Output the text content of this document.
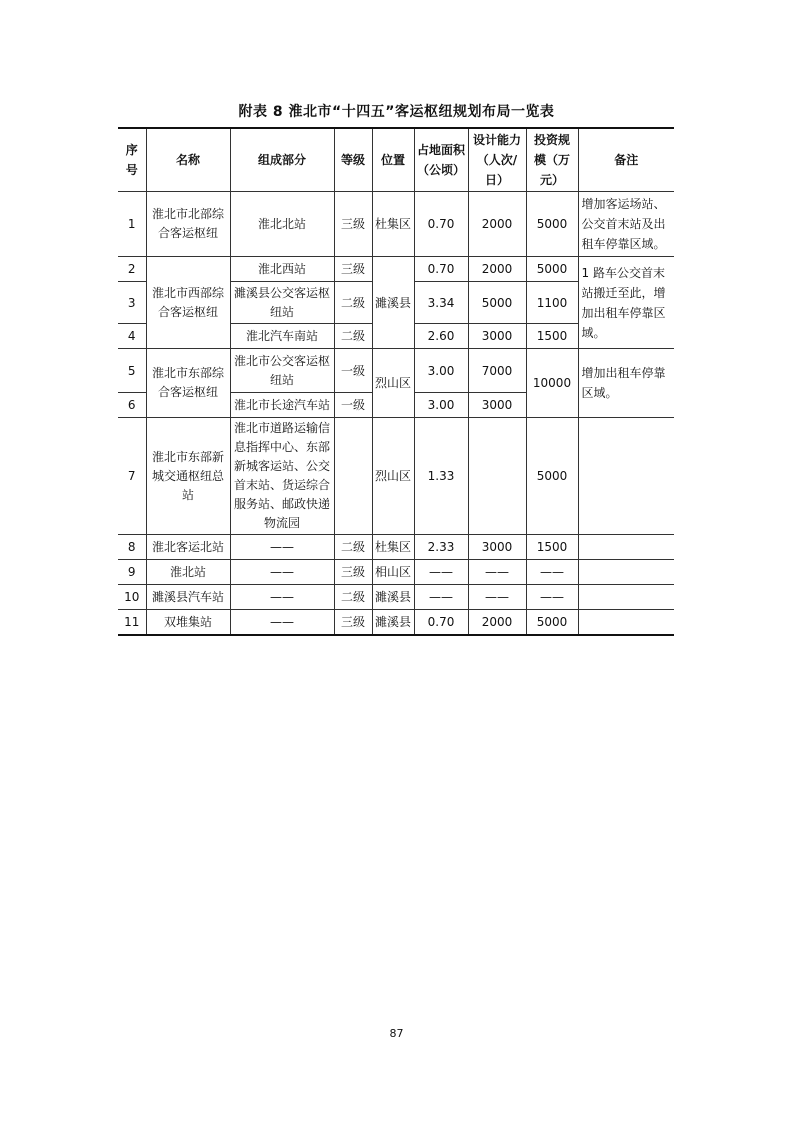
附表 8 淮北市“十四五”客运枢纽规划布局一览表
序号	名称	组成部分	等级	位置	占地面积（公顷）	设计能力（人次/日）	投资规模（万元）	备注
1	淮北市北部综合客运枢纽	淮北北站	三级	杜集区	0.70	2000	5000	增加客运场站、公交首末站及出租车停靠区域。
2	淮北市西部综合客运枢纽	淮北西站	三级	濉溪县	0.70	2000	5000	1 路车公交首末站搬迁至此，增加出租车停靠区域。
3		濉溪县公交客运枢纽站	二级		3.34	5000	1100	
4		淮北汽车南站	二级		2.60	3000	1500	
5	淮北市东部综合客运枢纽	淮北市公交客运枢纽站	一级	烈山区	3.00	7000	10000	增加出租车停靠区域。
6		淮北市长途汽车站	一级		3.00	3000		
7	淮北市东部新城交通枢纽总站	淮北市道路运输信息指挥中心、东部新城客运站、公交首末站、货运综合服务站、邮政快递物流园		烈山区	1.33		5000	
8	淮北客运北站	——	二级	杜集区	2.33	3000	1500	
9	淮北站	——	三级	相山区	——	——	——	
10	濉溪县汽车站	——	二级	濉溪县	——	——	——	
11	双堆集站	——	三级	濉溪县	0.70	2000	5000	
87
